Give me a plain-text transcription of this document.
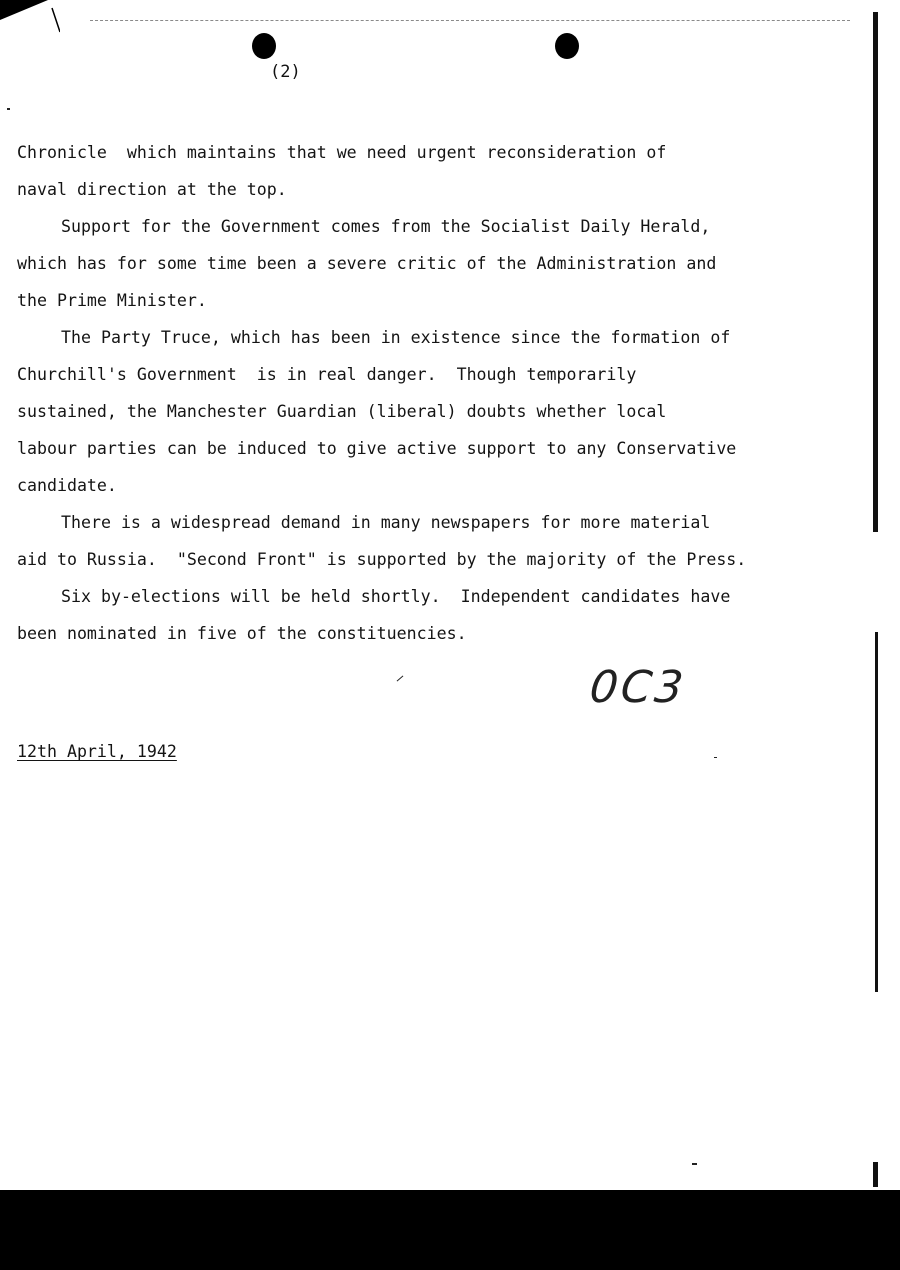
(2)
Chronicle  which maintains that we need urgent reconsideration of
naval direction at the top.
Support for the Government comes from the Socialist Daily Herald,
which has for some time been a severe critic of the Administration and
the Prime Minister.
The Party Truce, which has been in existence since the formation of
Churchill's Government  is in real danger.  Though temporarily
sustained, the Manchester Guardian (liberal) doubts whether local
labour parties can be induced to give active support to any Conservative
candidate.
There is a widespread demand in many newspapers for more material
aid to Russia.  "Second Front" is supported by the majority of the Press.
Six by-elections will be held shortly.  Independent candidates have
been nominated in five of the constituencies.
0C3
12th April, 1942
